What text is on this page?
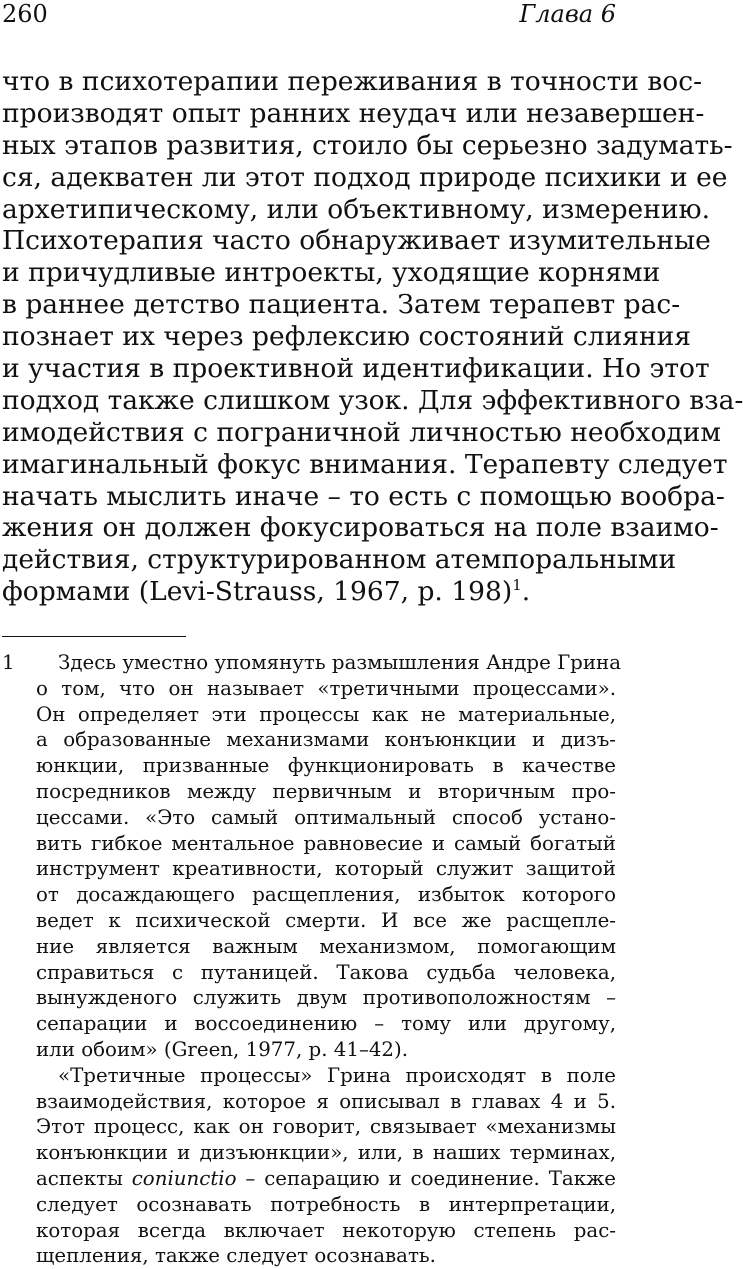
260	Глава 6
что в психотерапии переживания в точности вос-
производят опыт ранних неудач или незавершен-
ных этапов развития, стоило бы серьезно задумать-
ся, адекватен ли этот подход природе психики и ее
архетипическому, или объективному, измерению.
Психотерапия часто обнаруживает изумительные
и причудливые интроекты, уходящие корнями
в раннее детство пациента. Затем терапевт рас-
познает их через рефлексию состояний слияния
и участия в проективной идентификации. Но этот
подход также слишком узок. Для эффективного вза-
имодействия с пограничной личностью необходим
имагинальный фокус внимания. Терапевту следует
начать мыслить иначе – то есть с помощью вообра-
жения он должен фокусироваться на поле взаимо-
действия, структурированном атемпоральными
формами (Levi-Strauss, 1967, p. 198)$^1$.
1 Здесь уместно упомянуть размышления Андре Грина
о том, что он называет «третичными процессами».
Он определяет эти процессы как не материальные,
а образованные механизмами конъюнкции и дизъ-
юнкции, призванные функционировать в качестве
посредников между первичным и вторичным про-
цессами. «Это самый оптимальный способ устано-
вить гибкое ментальное равновесие и самый богатый
инструмент креативности, который служит защитой
от досаждающего расщепления, избыток которого
ведет к психической смерти. И все же расщепле-
ние является важным механизмом, помогающим
справиться с путаницей. Такова судьба человека,
вынужденого служить двум противоположностям –
сепарации и воссоединению – тому или другому,
или обоим» (Green, 1977, p. 41–42).
«Третичные процессы» Грина происходят в поле
взаимодействия, которое я описывал в главах 4 и 5.
Этот процесс, как он говорит, связывает «механизмы
конъюнкции и дизъюнкции», или, в наших терминах,
аспекты coniunctio – сепарацию и соединение. Также
следует осознавать потребность в интерпретации,
которая всегда включает некоторую степень рас-
щепления, также следует осознавать.
